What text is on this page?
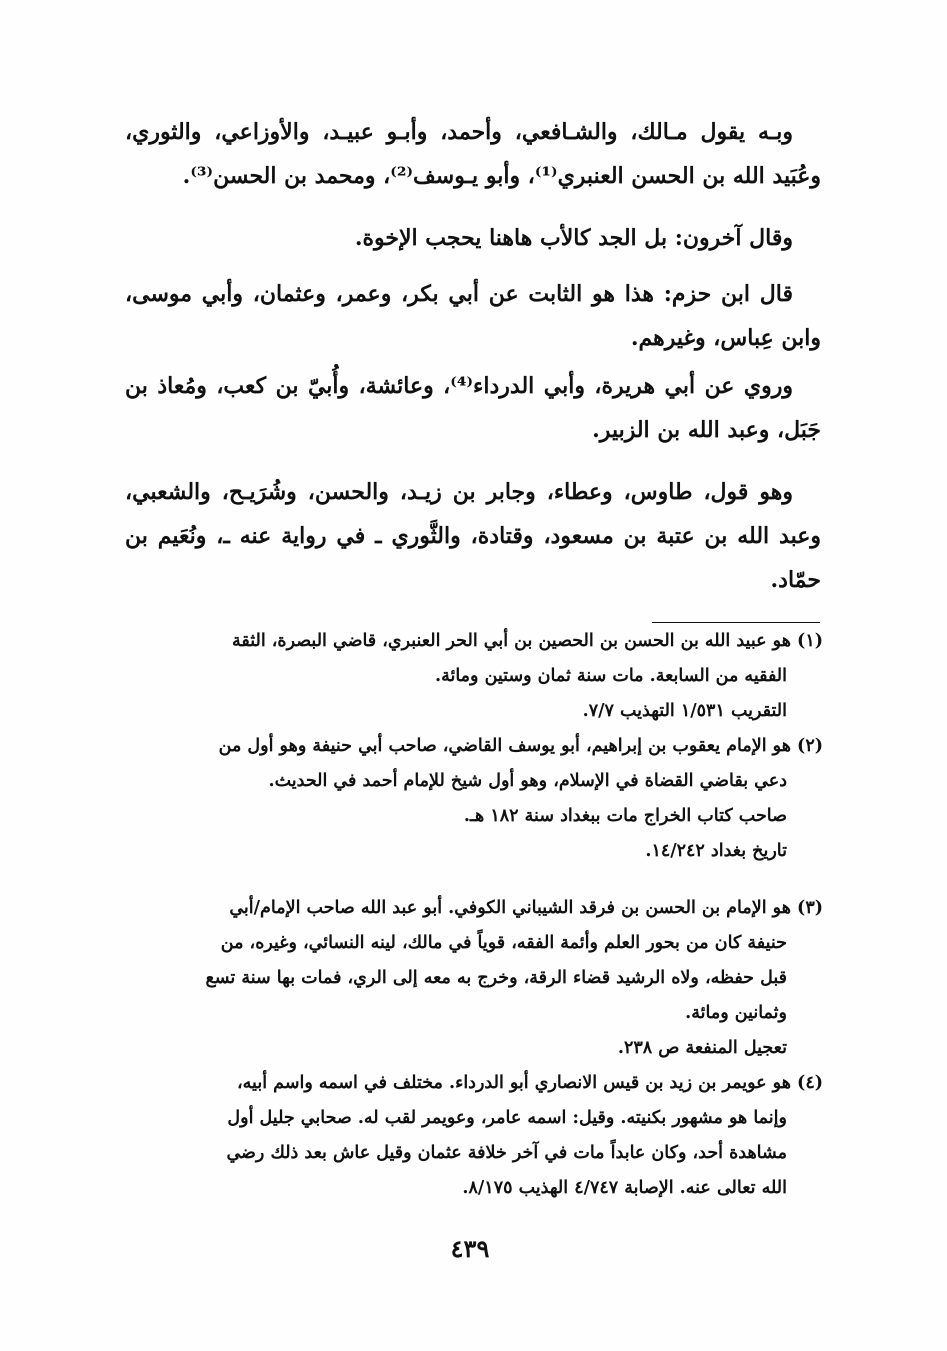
وبـه يقول مـالك، والشـافعي، وأحمد، وأبـو عبيـد، والأوزاعي، والثوري، وعُبَيد الله بن الحسن العنبري⁽¹⁾، وأبو يـوسف⁽²⁾، ومحمد بن الحسن⁽³⁾.

وقال آخرون: بل الجد كالأب هاهنا يحجب الإخوة.

قال ابن حزم: هذا هو الثابت عن أبي بكر، وعمر، وعثمان، وأبي موسى، وابن عِباس، وغيرهم.

وروي عن أبي هريرة، وأبي الدرداء⁽⁴⁾، وعائشة، وأُبيّ بن كعب، ومُعاذ بن جَبَل، وعبد الله بن الزبير.

وهو قول، طاوس، وعطاء، وجابر بن زيـد، والحسن، وشُرَيـح، والشعبي، وعبد الله بن عتبة بن مسعود، وقتادة، والثَّوري ـ في رواية عنه ـ، ونُعَيم بن حمّاد.

(١) هو عبيد الله بن الحسن بن الحصين بن أبي الحر العنبري، قاضي البصرة، الثقة
الفقيه من السابعة. مات سنة ثمان وستين ومائة.
التقريب ١/٥٣١ التهذيب ٧/٧.
(٢) هو الإمام يعقوب بن إبراهيم، أبو يوسف القاضي، صاحب أبي حنيفة وهو أول من
دعي بقاضي القضاة في الإسلام، وهو أول شيخ للإمام أحمد في الحديث.
صاحب كتاب الخراج مات ببغداد سنة ١٨٢ هـ.
تاريخ بغداد ١٤/٢٤٢.
(٣) هو الإمام بن الحسن بن فرقد الشيباني الكوفي. أبو عبد الله صاحب الإمام/أبي
حنيفة كان من بحور العلم وأئمة الفقه، قوياً في مالك، لينه النسائي، وغيره، من
قبل حفظه، ولاه الرشيد قضاء الرقة، وخرج به معه إلى الري، فمات بها سنة تسع
وثمانين ومائة.
تعجيل المنفعة ص ٢٣٨.
(٤) هو عويمر بن زيد بن قيس الانصاري أبو الدرداء. مختلف في اسمه واسم أبيه،
وإنما هو مشهور بكنيته. وقيل: اسمه عامر، وعويمر لقب له. صحابي جليل أول
مشاهدة أحد، وكان عابداً مات في آخر خلافة عثمان وقيل عاش بعد ذلك رضي
الله تعالى عنه. الإصابة ٤/٧٤٧ الهذيب ٨/١٧٥.
٤٣٩
